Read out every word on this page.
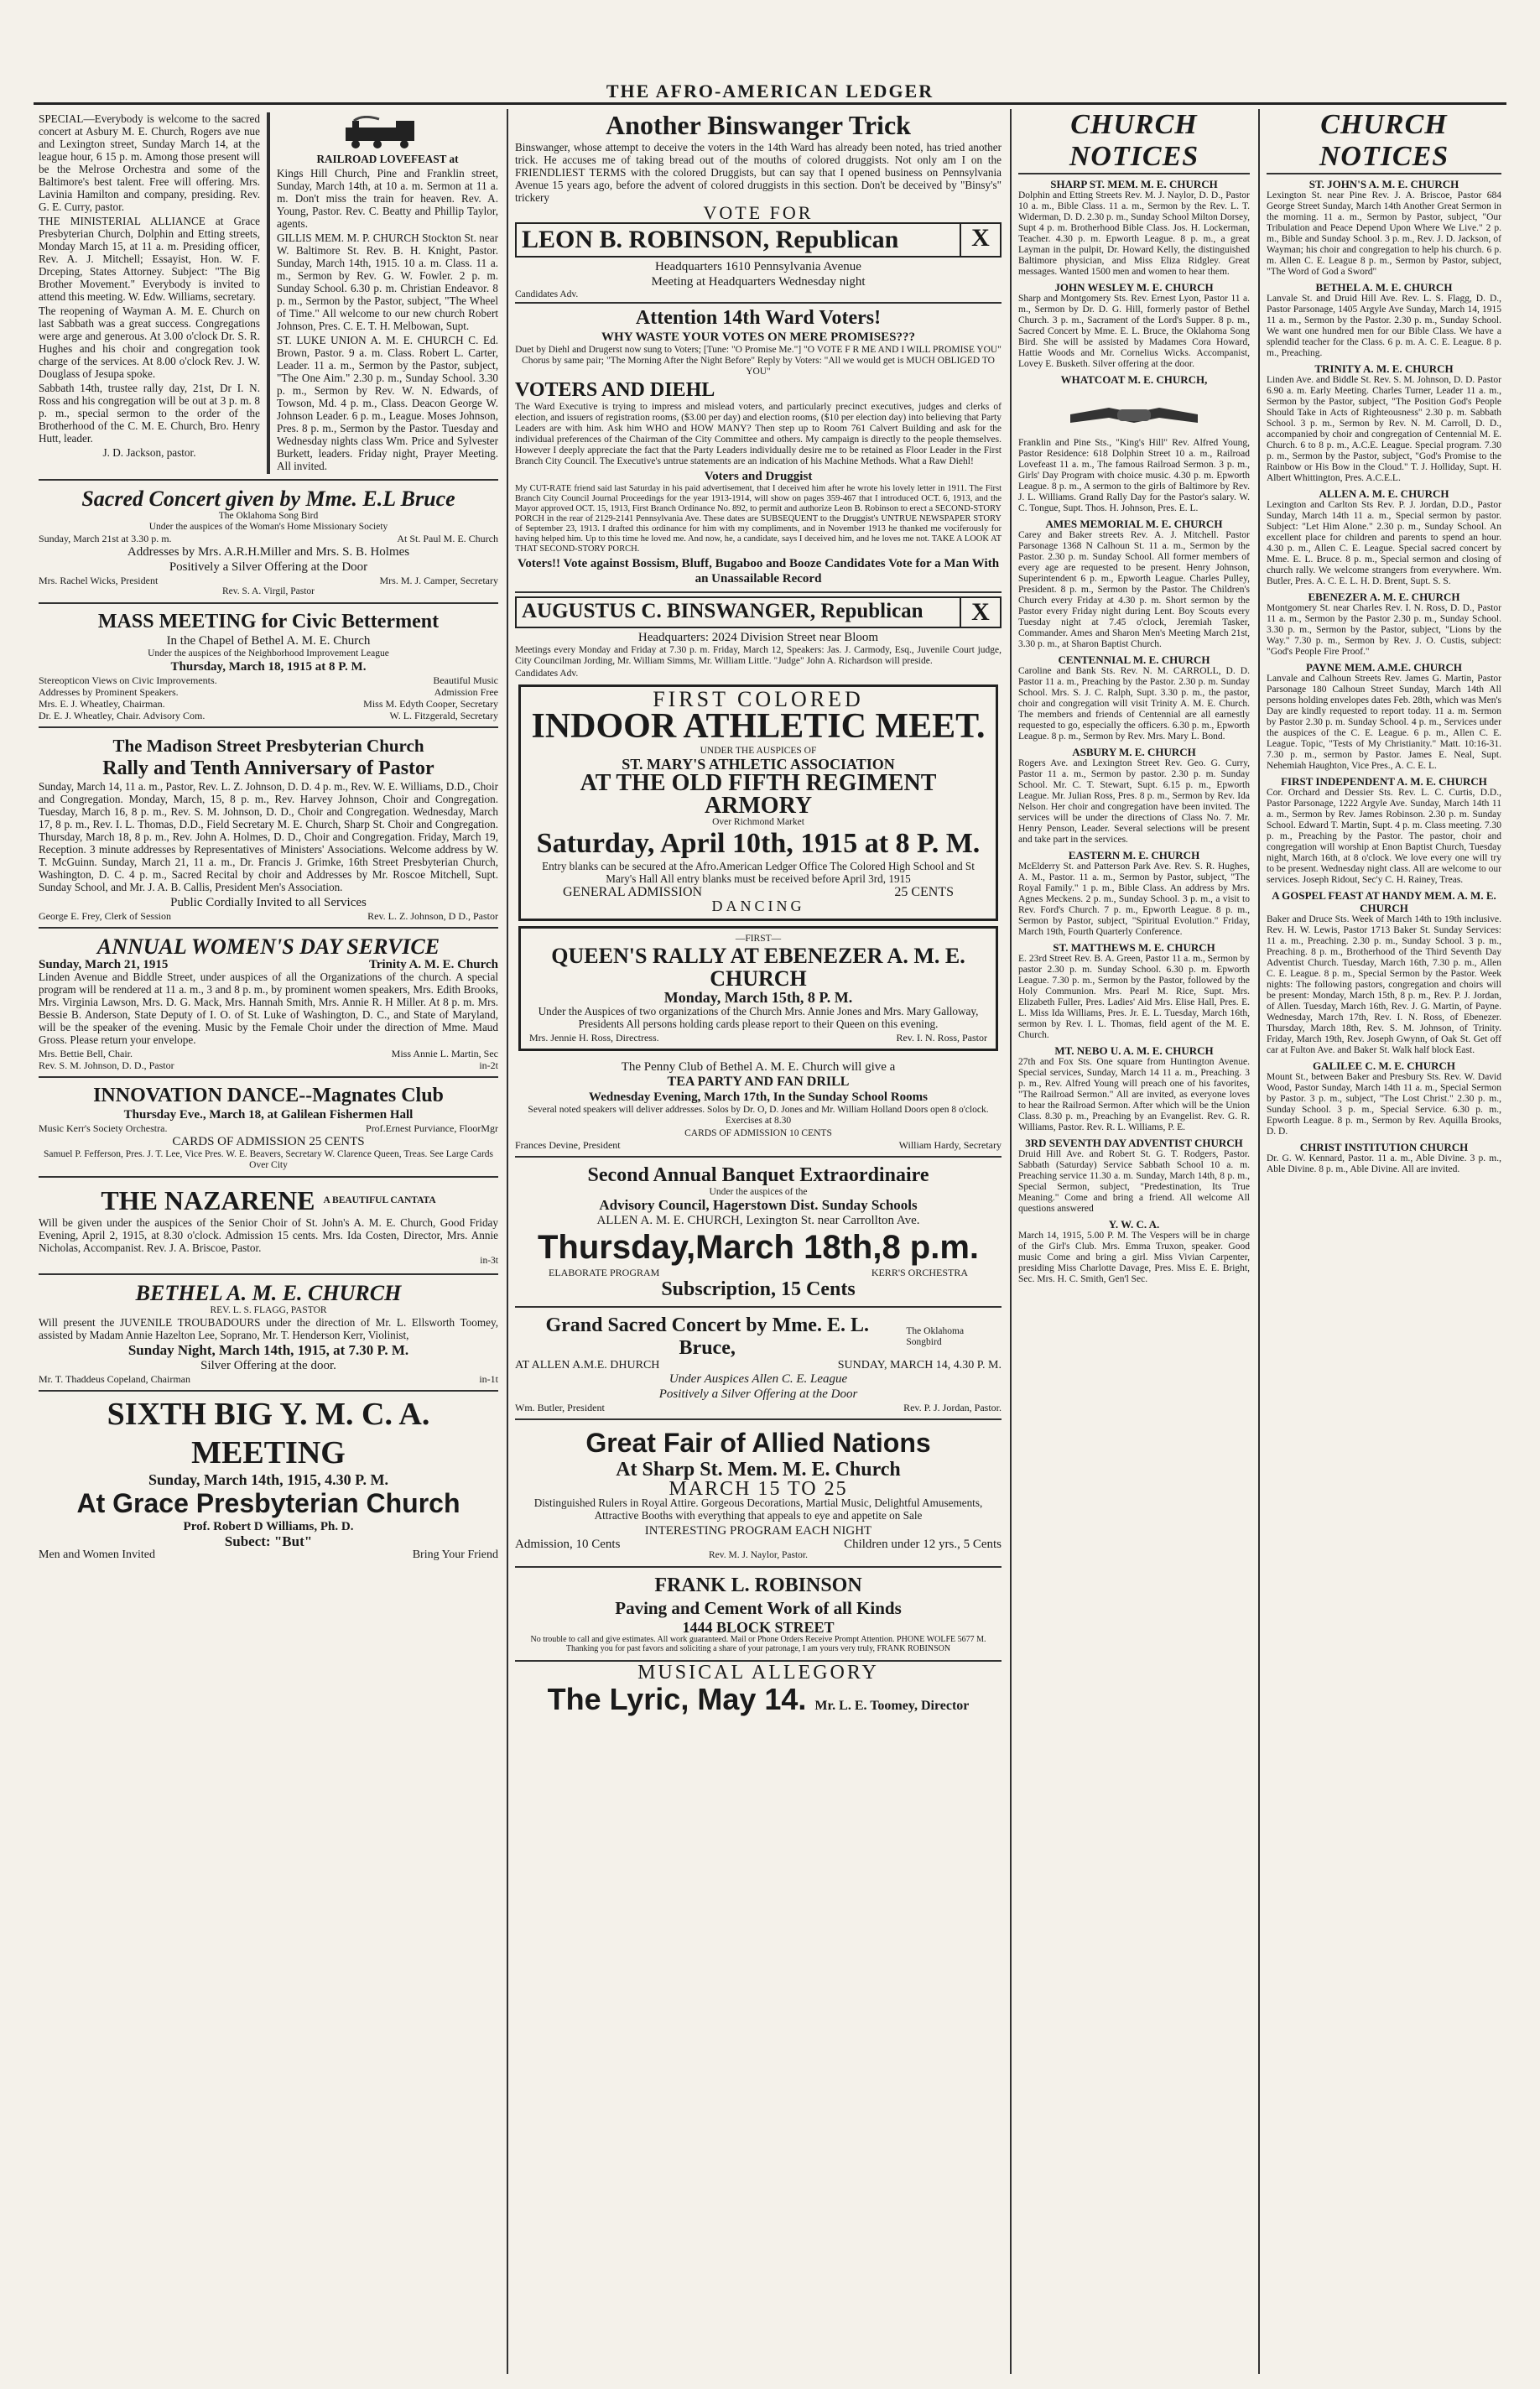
THE AFRO-AMERICAN LEDGER

SPECIAL—Everybody is welcome to the sacred concert at Asbury M. E. Church, Rogers ave nue and Lexington street, Sunday March 14, at the league hour, 6 15 p. m. Among those present will be the Melrose Orchestra and some of the Baltimore's best talent. Free will offering. Mrs. Lavinia Hamilton and company, presiding. Rev. G. E. Curry, pastor.

THE MINISTERIAL ALLIANCE at Grace Presbyterian Church, Dolphin and Etting streets, Monday March 15, at 11 a. m. Presiding officer, Rev. A. J. Mitchell; Essayist, Hon. W. F. Drceping, States Attorney. Subject: "The Big Brother Movement." Everybody is invited to attend this meeting. W. Edw. Williams, secretary.

The reopening of Wayman A. M. E. Church on last Sabbath was a great success. Congregations were arge and generous. At 3.00 o'clock Dr. S. R. Hughes and his choir and congregation took charge of the services. At 8.00 o'clock Rev. J. W. Douglass of Jesupa spoke.

Sabbath 14th, trustee rally day, 21st, Dr I. N. Ross and his congregation will be out at 3 p. m. 8 p. m., special sermon to the order of the Brotherhood of the C. M. E. Church, Bro. Henry Hutt, leader.

J. D. Jackson, pastor.

RAILROAD LOVEFEAST at

Kings Hill Church, Pine and Franklin street, Sunday, March 14th, at 10 a. m. Sermon at 11 a. m. Don't miss the train for heaven. Rev. A. Young, Pastor. Rev. C. Beatty and Phillip Taylor, agents.

GILLIS MEM. M. P. CHURCH Stockton St. near W. Baltimore St. Rev. B. H. Knight, Pastor. Sunday, March 14th, 1915. 10 a. m. Class. 11 a. m., Sermon by Rev. G. W. Fowler. 2 p. m. Sunday School. 6.30 p. m. Christian Endeavor. 8 p. m., Sermon by the Pastor, subject, "The Wheel of Time." All welcome to our new church Robert Johnson, Pres. C. E. T. H. Melbowan, Supt.

ST. LUKE UNION A. M. E. CHURCH C. Ed. Brown, Pastor. 9 a. m. Class. Robert L. Carter, Leader. 11 a. m., Sermon by the Pastor, subject, "The One Aim." 2.30 p. m., Sunday School. 3.30 p. m., Sermon by Rev. W. N. Edwards, of Towson, Md. 4 p. m., Class. Deacon George W. Johnson Leader. 6 p. m., League. Moses Johnson, Pres. 8 p. m., Sermon by the Pastor. Tuesday and Wednesday nights class Wm. Price and Sylvester Burkett, leaders. Friday night, Prayer Meeting. All invited.

Sacred Concert given by Mme. E.L Bruce
The Oklahoma Song Bird
Under the auspices of the Woman's Home Missionary Society
Sunday, March 21st at 3.30 p. m.	At St. Paul M. E. Church
Addresses by Mrs. A.R.H.Miller and Mrs. S. B. Holmes
Positively a Silver Offering at the Door
Mrs. Rachel Wicks, President	Mrs. M. J. Camper, Secretary
Rev. S. A. Virgil, Pastor
MASS MEETING for Civic Betterment
In the Chapel of Bethel A. M. E. Church
Under the auspices of the Neighborhood Improvement League
Thursday, March 18, 1915 at 8 P. M.
Stereopticon Views on Civic Improvements.	Beautiful Music
Addresses by Prominent Speakers.	Admission Free
Mrs. E. J. Wheatley, Chairman.	Miss M. Edyth Cooper, Secretary
Dr. E. J. Wheatley, Chair. Advisory Com.	W. L. Fitzgerald, Secretary
The Madison Street Presbyterian Church
Rally and Tenth Anniversary of Pastor

Sunday, March 14, 11 a. m., Pastor, Rev. L. Z. Johnson, D. D. 4 p. m., Rev. W. E. Williams, D.D., Choir and Congregation. Monday, March, 15, 8 p. m., Rev. Harvey Johnson, Choir and Congregation. Tuesday, March 16, 8 p. m., Rev. S. M. Johnson, D. D., Choir and Congregation. Wednesday, March 17, 8 p. m., Rev. I. L. Thomas, D.D., Field Secretary M. E. Church, Sharp St. Choir and Congregation. Thursday, March 18, 8 p. m., Rev. John A. Holmes, D. D., Choir and Congregation. Friday, March 19, Reception. 3 minute addresses by Representatives of Ministers' Associations. Welcome address by W. T. McGuinn. Sunday, March 21, 11 a. m., Dr. Francis J. Grimke, 16th Street Presbyterian Church, Washington, D. C. 4 p. m., Sacred Recital by choir and Addresses by Mr. Roscoe Mitchell, Supt. Sunday School, and Mr. J. A. B. Callis, President Men's Association.

Public Cordially Invited to all Services
George E. Frey, Clerk of Session	Rev. L. Z. Johnson, D D., Pastor
ANNUAL WOMEN'S DAY SERVICE
Sunday, March 21, 1915	Trinity A. M. E. Church

Linden Avenue and Biddle Street, under auspices of all the Organizations of the church. A special program will be rendered at 11 a. m., 3 and 8 p. m., by prominent women speakers, Mrs. Edith Brooks, Mrs. Virginia Lawson, Mrs. D. G. Mack, Mrs. Hannah Smith, Mrs. Annie R. H Miller. At 8 p. m. Mrs. Bessie B. Anderson, State Deputy of I. O. of St. Luke of Washington, D. C., and State of Maryland, will be the speaker of the evening. Music by the Female Choir under the direction of Mme. Maud Gross. Please return your envelope.

Mrs. Bettie Bell, Chair.	Miss Annie L. Martin, Sec
Rev. S. M. Johnson, D. D., Pastor	in-2t
INNOVATION DANCE--Magnates Club
Thursday Eve., March 18, at Galilean Fishermen Hall
Music Kerr's Society Orchestra.	Prof.Ernest Purviance, FloorMgr
CARDS OF ADMISSION 25 CENTS
Samuel P. Fefferson, Pres. J. T. Lee, Vice Pres. W. E. Beavers, Secretary W. Clarence Queen, Treas. See Large Cards Over City
THE NAZARENE A BEAUTIFUL CANTATA

Will be given under the auspices of the Senior Choir of St. John's A. M. E. Church, Good Friday Evening, April 2, 1915, at 8.30 o'clock. Admission 15 cents. Mrs. Ida Costen, Director, Mrs. Annie Nicholas, Accompanist. Rev. J. A. Briscoe, Pastor.

in-3t

BETHEL A. M. E. CHURCH
REV. L. S. FLAGG, PASTOR

Will present the JUVENILE TROUBADOURS under the direction of Mr. L. Ellsworth Toomey, assisted by Madam Annie Hazelton Lee, Soprano, Mr. T. Henderson Kerr, Violinist,

Sunday Night, March 14th, 1915, at 7.30 P. M.
Silver Offering at the door.
Mr. T. Thaddeus Copeland, Chairman	in-1t
SIXTH BIG Y. M. C. A. MEETING
Sunday, March 14th, 1915, 4.30 P. M.
At Grace Presbyterian Church
Prof. Robert D Williams, Ph. D.
Subect: "But"
Men and Women Invited	Bring Your Friend
Another Binswanger Trick

Binswanger, whose attempt to deceive the voters in the 14th Ward has already been noted, has tried another trick. He accuses me of taking bread out of the mouths of colored druggists. Not only am I on the FRIENDLIEST TERMS with the colored Druggists, but can say that I opened business on Pennsylvania Avenue 15 years ago, before the advent of colored druggists in this section. Don't be deceived by "Binsy's" trickery

VOTE FOR
LEON B. ROBINSON, Republican	X
Headquarters 1610 Pennsylvania Avenue
Meeting at Headquarters Wednesday night

Candidates Adv.

Attention 14th Ward Voters!
WHY WASTE YOUR VOTES ON MERE PROMISES???

Duet by Diehl and Drugerst now sung to Voters; [Tune: "O Promise Me."] "O VOTE F R ME AND I WILL PROMISE YOU" Chorus by same pair; "The Morning After the Night Before" Reply by Voters: "All we would get is MUCH OBLIGED TO YOU"

VOTERS AND DIEHL

The Ward Executive is trying to impress and mislead voters, and particularly precinct executives, judges and clerks of election, and issuers of registration rooms, ($3.00 per day) and election rooms, ($10 per election day) into believing that Party Leaders are with him. Ask him WHO and HOW MANY? Then step up to Room 761 Calvert Building and ask for the individual preferences of the Chairman of the City Committee and others. My campaign is directly to the people themselves. However I deeply appreciate the fact that the Party Leaders individually desire me to be retained as Floor Leader in the First Branch City Council. The Executive's untrue statements are an indication of his Machine Methods. What a Raw Diehl!

Voters and Druggist

My CUT-RATE friend said last Saturday in his paid advertisement, that I deceived him after he wrote his lovely letter in 1911. The First Branch City Council Journal Proceedings for the year 1913-1914, will show on pages 359-467 that I introduced OCT. 6, 1913, and the Mayor approved OCT. 15, 1913, First Branch Ordinance No. 892, to permit and authorize Leon B. Robinson to erect a SECOND-STORY PORCH in the rear of 2129-2141 Pennsylvania Ave. These dates are SUBSEQUENT to the Druggist's UNTRUE NEWSPAPER STORY of September 23, 1913. I drafted this ordinance for him with my compliments, and in November 1913 he thanked me vociferously for having helped him. Up to this time he loved me. And now, he, a candidate, says I deceived him, and he loves me not. TAKE A LOOK AT THAT SECOND-STORY PORCH.

Voters!! Vote against Bossism, Bluff, Bugaboo and Booze Candidates Vote for a Man With an Unassailable Record
AUGUSTUS C. BINSWANGER, Republican	X
Headquarters: 2024 Division Street near Bloom

Meetings every Monday and Friday at 7.30 p. m. Friday, March 12, Speakers: Jas. J. Carmody, Esq., Juvenile Court judge, City Councilman Jording, Mr. William Simms, Mr. William Little. "Judge" John A. Richardson will preside.

Candidates Adv.

FIRST COLORED
INDOOR ATHLETIC MEET.
UNDER THE AUSPICES OF
ST. MARY'S ATHLETIC ASSOCIATION
AT THE OLD FIFTH REGIMENT ARMORY
Over Richmond Market
Saturday, April 10th, 1915 at 8 P. M.

Entry blanks can be secured at the Afro.American Ledger Office The Colored High School and St Mary's Hall All entry blanks must be received before April 3rd, 1915

GENERAL ADMISSION	25 CENTS
DANCING
—FIRST—
QUEEN'S RALLY AT EBENEZER A. M. E. CHURCH
Monday, March 15th, 8 P. M.

Under the Auspices of two organizations of the Church Mrs. Annie Jones and Mrs. Mary Galloway, Presidents All persons holding cards please report to their Queen on this evening.

Mrs. Jennie H. Ross, Directress.	Rev. I. N. Ross, Pastor
The Penny Club of Bethel A. M. E. Church will give a
TEA PARTY AND FAN DRILL
Wednesday Evening, March 17th, In the Sunday School Rooms

Several noted speakers will deliver addresses. Solos by Dr. O, D. Jones and Mr. William Holland Doors open 8 o'clock. Exercises at 8.30

CARDS OF ADMISSION 10 CENTS
Frances Devine, President	William Hardy, Secretary
Second Annual Banquet Extraordinaire
Under the auspices of the
Advisory Council, Hagerstown Dist. Sunday Schools
ALLEN A. M. E. CHURCH, Lexington St. near Carrollton Ave.
Thursday,March 18th,8 p.m.
ELABORATE PROGRAM	KERR'S ORCHESTRA
Subscription, 15 Cents
Grand Sacred Concert by Mme. E. L. Bruce,
The Oklahoma Songbird
AT ALLEN A.M.E. DHURCH	SUNDAY, MARCH 14, 4.30 P. M.
Under Auspices Allen C. E. League
Positively a Silver Offering at the Door
Wm. Butler, President	Rev. P. J. Jordan, Pastor.
Great Fair of Allied Nations
At Sharp St. Mem. M. E. Church
MARCH 15 TO 25

Distinguished Rulers in Royal Attire. Gorgeous Decorations, Martial Music, Delightful Amusements, Attractive Booths with everything that appeals to eye and appetite on Sale

INTERESTING PROGRAM EACH NIGHT
Admission, 10 Cents	Children under 12 yrs., 5 Cents
Rev. M. J. Naylor, Pastor.
FRANK L. ROBINSON
Paving and Cement Work of all Kinds
1444 BLOCK STREET

No trouble to call and give estimates. All work guaranteed. Mail or Phone Orders Receive Prompt Attention. PHONE WOLFE 5677 M. Thanking you for past favors and soliciting a share of your patronage, I am yours very truly, FRANK ROBINSON

MUSICAL ALLEGORY
The Lyric, May 14. Mr. L. E. Toomey, Director
CHURCH NOTICES
SHARP ST. MEM. M. E. CHURCH

Dolphin and Etting Streets Rev. M. J. Naylor, D. D., Pastor 10 a. m., Bible Class. 11 a. m., Sermon by the Rev. L. T. Widerman, D. D. 2.30 p. m., Sunday School Milton Dorsey, Supt 4 p. m. Brotherhood Bible Class. Jos. H. Lockerman, Teacher. 4.30 p. m. Epworth League. 8 p. m., a great Layman in the pulpit, Dr. Howard Kelly, the distinguished Baltimore physician, and Miss Eliza Ridgley. Great messages. Wanted 1500 men and women to hear them.

JOHN WESLEY M. E. CHURCH

Sharp and Montgomery Sts. Rev. Ernest Lyon, Pastor 11 a. m., Sermon by Dr. D. G. Hill, formerly pastor of Bethel Church. 3 p. m., Sacrament of the Lord's Supper. 8 p. m., Sacred Concert by Mme. E. L. Bruce, the Oklahoma Song Bird. She will be assisted by Madames Cora Howard, Hattie Woods and Mr. Cornelius Wicks. Accompanist, Lovey E. Busketh. Silver offering at the door.

WHATCOAT M. E. CHURCH,

Franklin and Pine Sts., "King's Hill" Rev. Alfred Young, Pastor Residence: 618 Dolphin Street 10 a. m., Railroad Lovefeast 11 a. m., The famous Railroad Sermon. 3 p. m., Girls' Day Program with choice music. 4.30 p. m. Epworth League. 8 p. m., A sermon to the girls of Baltimore by Rev. J. L. Williams. Grand Rally Day for the Pastor's salary. W. C. Tongue, Supt. Thos. H. Johnson, Pres. E. L.

AMES MEMORIAL M. E. CHURCH

Carey and Baker streets Rev. A. J. Mitchell. Pastor Parsonage 1368 N Calhoun St. 11 a. m., Sermon by the Pastor. 2.30 p. m. Sunday School. All former members of every age are requested to be present. Henry Johnson, Superintendent 6 p. m., Epworth League. Charles Pulley, President. 8 p. m., Sermon by the Pastor. The Children's Church every Friday at 4.30 p. m. Short sermon by the Pastor every Friday night during Lent. Boy Scouts every Tuesday night at 7.45 o'clock, Jeremiah Tasker, Commander. Ames and Sharon Men's Meeting March 21st, 3.30 p. m., at Sharon Baptist Church.

CENTENNIAL M. E. CHURCH

Caroline and Bank Sts. Rev. N. M. CARROLL, D. D. Pastor 11 a. m., Preaching by the Pastor. 2.30 p. m. Sunday School. Mrs. S. J. C. Ralph, Supt. 3.30 p. m., the pastor, choir and congregation will visit Trinity A. M. E. Church. The members and friends of Centennial are all earnestly requested to go, especially the officers. 6.30 p. m., Epworth League. 8 p. m., Sermon by Rev. Mrs. Mary L. Bond.

ASBURY M. E. CHURCH

Rogers Ave. and Lexington Street Rev. Geo. G. Curry, Pastor 11 a. m., Sermon by pastor. 2.30 p. m. Sunday School. Mr. C. T. Stewart, Supt. 6.15 p. m., Epworth League. Mr. Julian Ross, Pres. 8 p. m., Sermon by Rev. Ida Nelson. Her choir and congregation have been invited. The services will be under the directions of Class No. 7. Mr. Henry Penson, Leader. Several selections will be present and take part in the services.

EASTERN M. E. CHURCH

McElderry St. and Patterson Park Ave. Rev. S. R. Hughes, A. M., Pastor. 11 a. m., Sermon by Pastor, subject, "The Royal Family." 1 p. m., Bible Class. An address by Mrs. Agnes Meckens. 2 p. m., Sunday School. 3 p. m., a visit to Rev. Ford's Church. 7 p. m., Epworth League. 8 p. m., Sermon by Pastor, subject, "Spiritual Evolution." Friday, March 19th, Fourth Quarterly Conference.

ST. MATTHEWS M. E. CHURCH

E. 23rd Street Rev. B. A. Green, Pastor 11 a. m., Sermon by pastor 2.30 p. m. Sunday School. 6.30 p. m. Epworth League. 7.30 p. m., Sermon by the Pastor, followed by the Holy Communion. Mrs. Pearl M. Rice, Supt. Mrs. Elizabeth Fuller, Pres. Ladies' Aid Mrs. Elise Hall, Pres. E. L. Miss Ida Williams, Pres. Jr. E. L. Tuesday, March 16th, sermon by Rev. I. L. Thomas, field agent of the M. E. Church.

MT. NEBO U. A. M. E. CHURCH

27th and Fox Sts. One square from Huntington Avenue. Special services, Sunday, March 14 11 a. m., Preaching. 3 p. m., Rev. Alfred Young will preach one of his favorites, "The Railroad Sermon." All are invited, as everyone loves to hear the Railroad Sermon. After which will be the Union Class. 8.30 p. m., Preaching by an Evangelist. Rev. G. R. Williams, Pastor. Rev. R. L. Williams, P. E.

3RD SEVENTH DAY ADVENTIST CHURCH

Druid Hill Ave. and Robert St. G. T. Rodgers, Pastor. Sabbath (Saturday) Service Sabbath School 10 a. m. Preaching service 11.30 a. m. Sunday, March 14th, 8 p. m., Special Sermon, subject, "Predestination, Its True Meaning." Come and bring a friend. All welcome All questions answered

Y. W. C. A.

March 14, 1915, 5.00 P. M. The Vespers will be in charge of the Girl's Club. Mrs. Emma Truxon, speaker. Good music Come and bring a girl. Miss Vivian Carpenter, presiding Miss Charlotte Davage, Pres. Miss E. E. Bright, Sec. Mrs. H. C. Smith, Gen'l Sec.

CHURCH NOTICES
ST. JOHN'S A. M. E. CHURCH

Lexington St. near Pine Rev. J. A. Briscoe, Pastor 684 George Street Sunday, March 14th Another Great Sermon in the morning. 11 a. m., Sermon by Pastor, subject, "Our Tribulation and Peace Depend Upon Where We Live." 2 p. m., Bible and Sunday School. 3 p. m., Rev. J. D. Jackson, of Wayman; his choir and congregation to help his church. 6 p. m. Allen C. E. League 8 p. m., Sermon by Pastor, subject, "The Word of God a Sword"

BETHEL A. M. E. CHURCH

Lanvale St. and Druid Hill Ave. Rev. L. S. Flagg, D. D., Pastor Parsonage, 1405 Argyle Ave Sunday, March 14, 1915 11 a. m., Sermon by the Pastor. 2.30 p. m., Sunday School. We want one hundred men for our Bible Class. We have a splendid teacher for the Class. 6 p. m. A. C. E. League. 8 p. m., Preaching.

TRINITY A. M. E. CHURCH

Linden Ave. and Biddle St. Rev. S. M. Johnson, D. D. Pastor 6.90 a. m. Early Meeting. Charles Turner, Leader 11 a. m., Sermon by the Pastor, subject, "The Position God's People Should Take in Acts of Righteousness" 2.30 p. m. Sabbath School. 3 p. m., Sermon by Rev. N. M. Carroll, D. D., accompanied by choir and congregation of Centennial M. E. Church. 6 to 8 p. m., A.C.E. League. Special program. 7.30 p. m., Sermon by the Pastor, subject, "God's Promise to the Rainbow or His Bow in the Cloud." T. J. Holliday, Supt. H. Albert Whittington, Pres. A.C.E.L.

ALLEN A. M. E. CHURCH

Lexington and Carlton Sts Rev. P. J. Jordan, D.D., Pastor Sunday, March 14th 11 a. m., Special sermon by pastor. Subject: "Let Him Alone." 2.30 p. m., Sunday School. An excellent place for children and parents to spend an hour. 4.30 p. m., Allen C. E. League. Special sacred concert by Mme. E. L. Bruce. 8 p. m., Special sermon and closing of church rally. We welcome strangers from everywhere. Wm. Butler, Pres. A. C. E. L. H. D. Brent, Supt. S. S.

EBENEZER A. M. E. CHURCH

Montgomery St. near Charles Rev. I. N. Ross, D. D., Pastor 11 a. m., Sermon by the Pastor 2.30 p. m., Sunday School. 3.30 p. m., Sermon by the Pastor, subject, "Lions by the Way." 7.30 p. m., Sermon by Rev. J. O. Custis, subject: "God's People Fire Proof."

PAYNE MEM. A.M.E. CHURCH

Lanvale and Calhoun Streets Rev. James G. Martin, Pastor Parsonage 180 Calhoun Street Sunday, March 14th All persons holding envelopes dates Feb. 28th, which was Men's Day are kindly requested to report today. 11 a. m. Sermon by Pastor 2.30 p. m. Sunday School. 4 p. m., Services under the auspices of the C. E. League. 6 p. m., Allen C. E. League. Topic, "Tests of My Christianity." Matt. 10:16-31. 7.30 p. m., sermon by Pastor. James E. Neal, Supt. Nehemiah Haughton, Vice Pres., A. C. E. L.

FIRST INDEPENDENT A. M. E. CHURCH

Cor. Orchard and Dessier Sts. Rev. L. C. Curtis, D.D., Pastor Parsonage, 1222 Argyle Ave. Sunday, March 14th 11 a. m., Sermon by Rev. James Robinson. 2.30 p. m. Sunday School. Edward T. Martin, Supt. 4 p. m. Class meeting. 7.30 p. m., Preaching by the Pastor. The pastor, choir and congregation will worship at Enon Baptist Church, Tuesday night, March 16th, at 8 o'clock. We love every one will try to be present. Wednesday night class. All are welcome to our services. Joseph Ridout, Sec'y C. H. Rainey, Treas.

A GOSPEL FEAST AT HANDY MEM. A. M. E. CHURCH

Baker and Druce Sts. Week of March 14th to 19th inclusive. Rev. H. W. Lewis, Pastor 1713 Baker St. Sunday Services: 11 a. m., Preaching. 2.30 p. m., Sunday School. 3 p. m., Preaching. 8 p. m., Brotherhood of the Third Seventh Day Adventist Church. Tuesday, March 16th, 7.30 p. m., Allen C. E. League. 8 p. m., Special Sermon by the Pastor. Week nights: The following pastors, congregation and choirs will be present: Monday, March 15th, 8 p. m., Rev. P. J. Jordan, of Allen. Tuesday, March 16th, Rev. J. G. Martin, of Payne. Wednesday, March 17th, Rev. I. N. Ross, of Ebenezer. Thursday, March 18th, Rev. S. M. Johnson, of Trinity. Friday, March 19th, Rev. Joseph Gwynn, of Oak St. Get off car at Fulton Ave. and Baker St. Walk half block East.

GALILEE C. M. E. CHURCH

Mount St., between Baker and Presbury Sts. Rev. W. David Wood, Pastor Sunday, March 14th 11 a. m., Special Sermon by Pastor. 3 p. m., subject, "The Lost Christ." 2.30 p. m., Sunday School. 3 p. m., Special Service. 6.30 p. m., Epworth League. 8 p. m., Sermon by Rev. Aquilla Brooks, D. D.

CHRIST INSTITUTION CHURCH

Dr. G. W. Kennard, Pastor. 11 a. m., Able Divine. 3 p. m., Able Divine. 8 p. m., Able Divine. All are invited.
